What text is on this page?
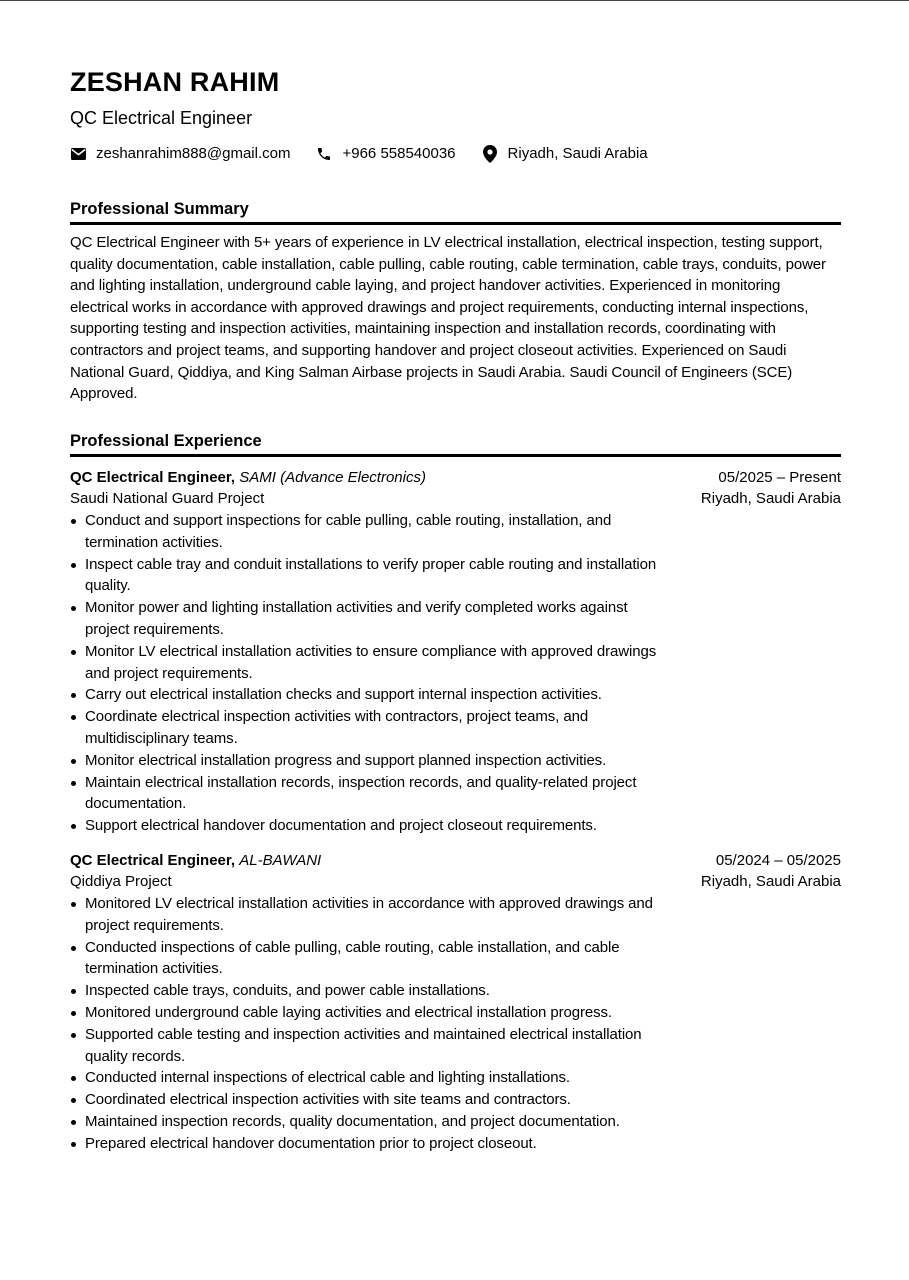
ZESHAN RAHIM
QC Electrical Engineer
zeshanrahim888@gmail.com	+966 558540036	Riyadh, Saudi Arabia
Professional Summary
QC Electrical Engineer with 5+ years of experience in LV electrical installation, electrical inspection, testing support, quality documentation, cable installation, cable pulling, cable routing, cable termination, cable trays, conduits, power and lighting installation, underground cable laying, and project handover activities. Experienced in monitoring electrical works in accordance with approved drawings and project requirements, conducting internal inspections, supporting testing and inspection activities, maintaining inspection and installation records, coordinating with contractors and project teams, and supporting handover and project closeout activities. Experienced on Saudi National Guard, Qiddiya, and King Salman Airbase projects in Saudi Arabia. Saudi Council of Engineers (SCE) Approved.
Professional Experience
QC Electrical Engineer, SAMI (Advance Electronics)
Saudi National Guard Project
05/2025 – Present
Riyadh, Saudi Arabia
Conduct and support inspections for cable pulling, cable routing, installation, and termination activities.
Inspect cable tray and conduit installations to verify proper cable routing and installation quality.
Monitor power and lighting installation activities and verify completed works against project requirements.
Monitor LV electrical installation activities to ensure compliance with approved drawings and project requirements.
Carry out electrical installation checks and support internal inspection activities.
Coordinate electrical inspection activities with contractors, project teams, and multidisciplinary teams.
Monitor electrical installation progress and support planned inspection activities.
Maintain electrical installation records, inspection records, and quality-related project documentation.
Support electrical handover documentation and project closeout requirements.
QC Electrical Engineer, AL-BAWANI
Qiddiya Project
05/2024 – 05/2025
Riyadh, Saudi Arabia
Monitored LV electrical installation activities in accordance with approved drawings and project requirements.
Conducted inspections of cable pulling, cable routing, cable installation, and cable termination activities.
Inspected cable trays, conduits, and power cable installations.
Monitored underground cable laying activities and electrical installation progress.
Supported cable testing and inspection activities and maintained electrical installation quality records.
Conducted internal inspections of electrical cable and lighting installations.
Coordinated electrical inspection activities with site teams and contractors.
Maintained inspection records, quality documentation, and project documentation.
Prepared electrical handover documentation prior to project closeout.
